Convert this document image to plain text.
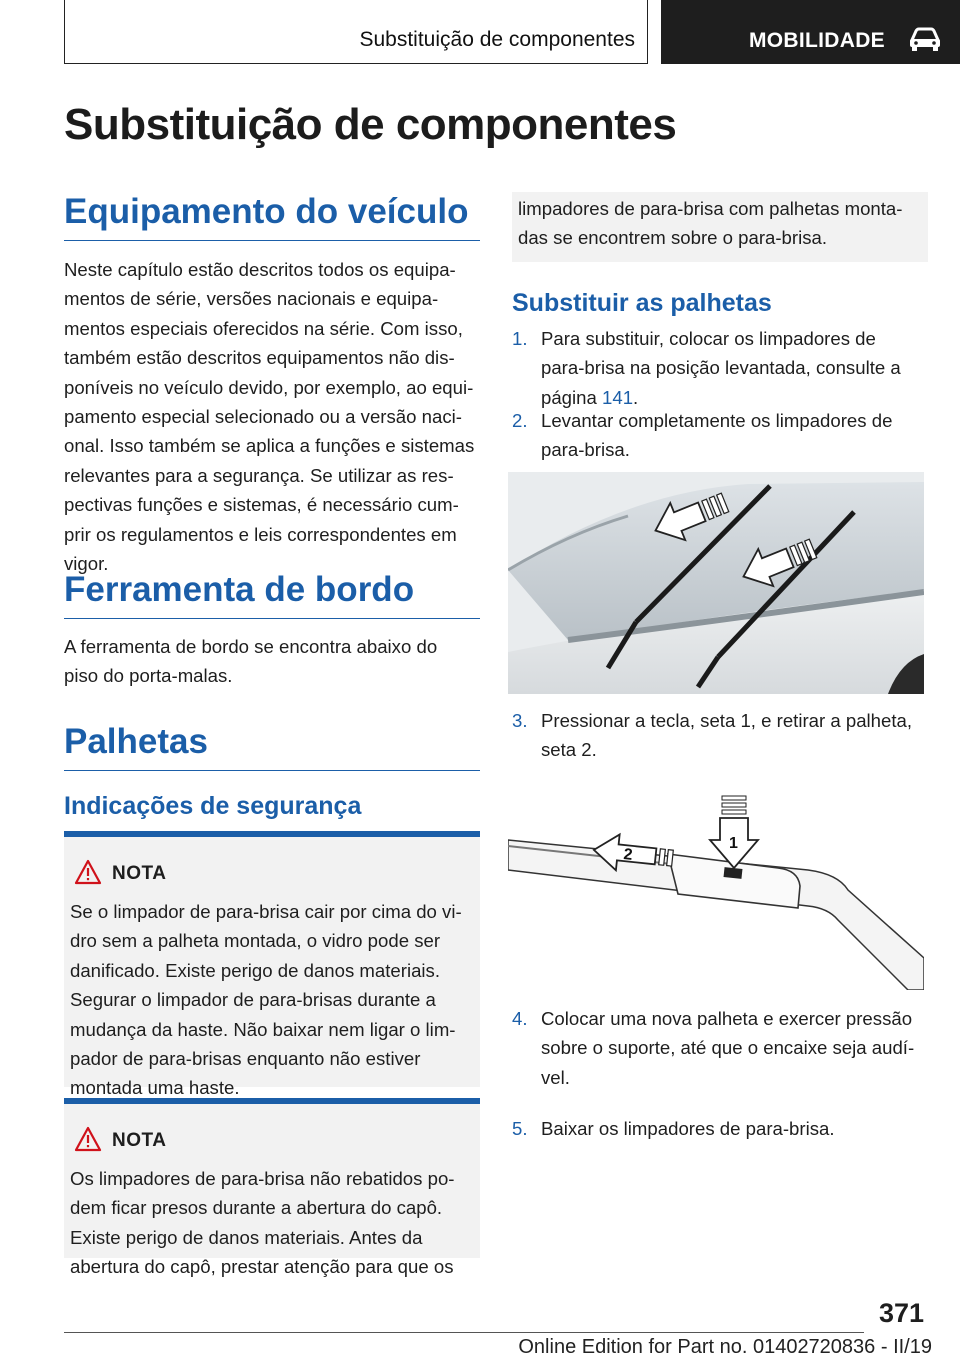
Substituição de componentes	MOBILIDADE
Substituição de componentes
Equipamento do veículo

Neste capítulo estão descritos todos os equipa-
mentos de série, versões nacionais e equipa-
mentos especiais oferecidos na série. Com isso,
também estão descritos equipamentos não dis-
poníveis no veículo devido, por exemplo, ao equi-
pamento especial selecionado ou a versão naci-
onal. Isso também se aplica a funções e sistemas
relevantes para a segurança. Se utilizar as res-
pectivas funções e sistemas, é necessário cum-
prir os regulamentos e leis correspondentes em
vigor.

Ferramenta de bordo

A ferramenta de bordo se encontra abaixo do
piso do porta-malas.

Palhetas
Indicações de segurança
NOTA

Se o limpador de para-brisa cair por cima do vi-
dro sem a palheta montada, o vidro pode ser
danificado. Existe perigo de danos materiais.
Segurar o limpador de para-brisas durante a
mudança da haste. Não baixar nem ligar o lim-
pador de para-brisas enquanto não estiver
montada uma haste.

NOTA

Os limpadores de para-brisa não rebatidos po-
dem ficar presos durante a abertura do capô.
Existe perigo de danos materiais. Antes da
abertura do capô, prestar atenção para que os

limpadores de para-brisa com palhetas monta-
das se encontrem sobre o para-brisa.

Substituir as palhetas
1. Para substituir, colocar os limpadores de
para-brisa na posição levantada, consulte a
página 141.
2. Levantar completamente os limpadores de
para-brisa.
3. Pressionar a tecla, seta 1, e retirar a palheta,
seta 2.
2
1
4. Colocar uma nova palheta e exercer pressão
sobre o suporte, até que o encaixe seja audí-
vel.
5. Baixar os limpadores de para-brisa.
371
Online Edition for Part no. 01402720836 - II/19
